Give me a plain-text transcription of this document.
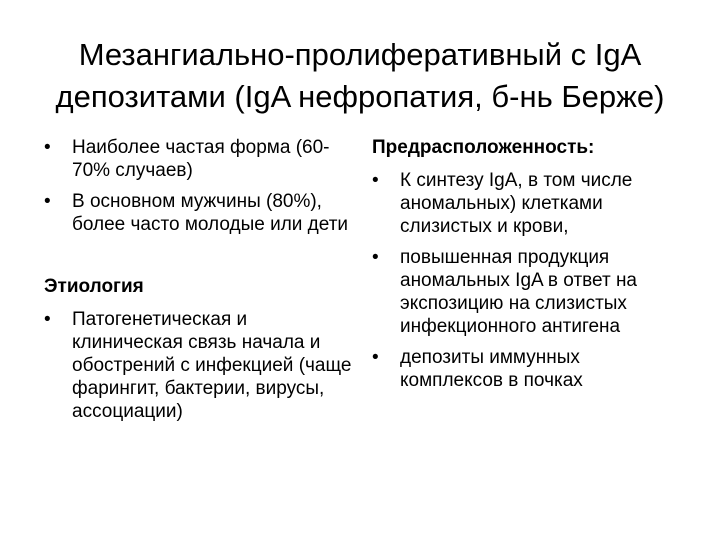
Мезангиально-пролиферативный с IgA
депозитами (IgA нефропатия, б-нь Берже)
•	Наиболее частая форма (60-70% случаев)
•	В основном мужчины (80%), более часто молодые или дети

Этиология

•	Патогенетическая и клиническая связь начала и обострений с инфекцией (чаще фарингит, бактерии, вирусы, ассоциации)

Предрасположенность:

•	К синтезу IgA, в том числе аномальных) клетками слизистых и крови,
•	повышенная продукция аномальных IgA в ответ на экспозицию на слизистых инфекционного антигена
•	депозиты иммунных комплексов в почках
